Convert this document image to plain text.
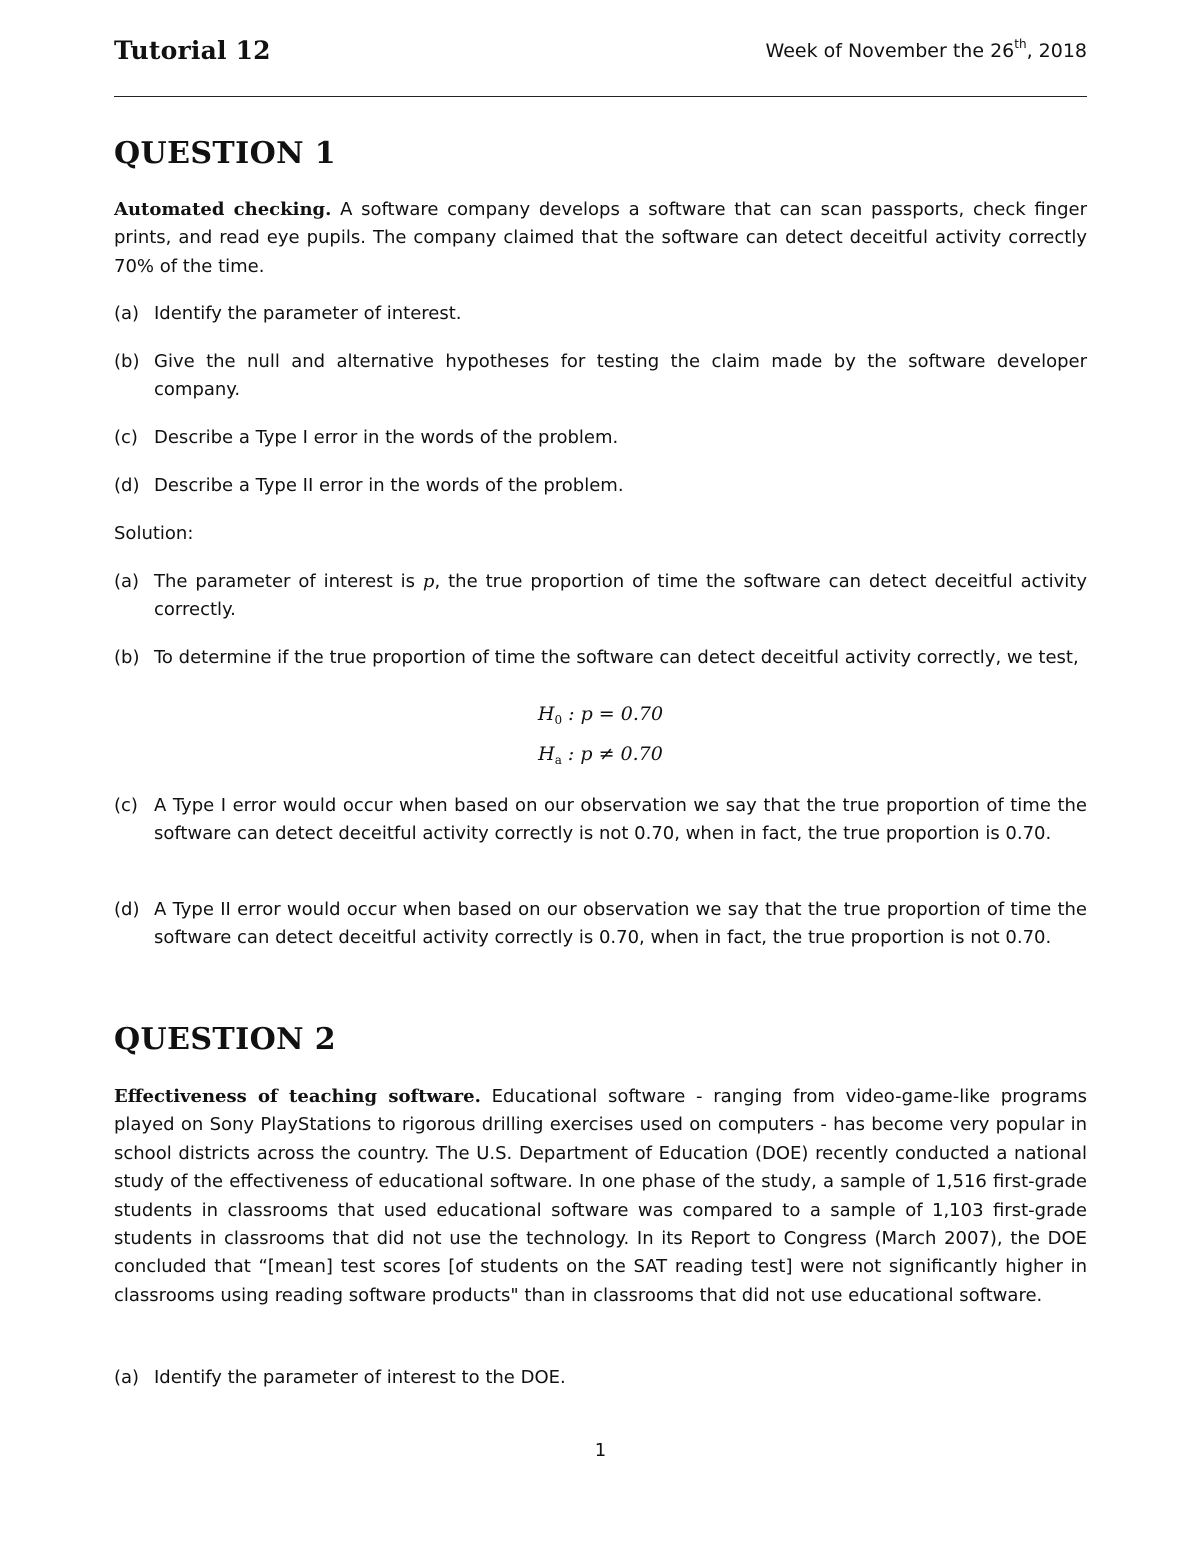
Tutorial 12	Week of November the 26th, 2018
QUESTION 1
Automated checking. A software company develops a software that can scan passports, check finger prints, and read eye pupils. The company claimed that the software can detect deceitful activity correctly 70% of the time.
(a) Identify the parameter of interest.
(b) Give the null and alternative hypotheses for testing the claim made by the software developer company.
(c) Describe a Type I error in the words of the problem.
(d) Describe a Type II error in the words of the problem.
Solution:
(a) The parameter of interest is p, the true proportion of time the software can detect deceitful activity correctly.
(b) To determine if the true proportion of time the software can detect deceitful activity correctly, we test,
$H_0$ : p = 0.70
$H_a$ : p ≠ 0.70
(c) A Type I error would occur when based on our observation we say that the true proportion of time the software can detect deceitful activity correctly is not 0.70, when in fact, the true proportion is 0.70.
(d) A Type II error would occur when based on our observation we say that the true proportion of time the software can detect deceitful activity correctly is 0.70, when in fact, the true proportion is not 0.70.
QUESTION 2
Effectiveness of teaching software. Educational software - ranging from video-game-like programs played on Sony PlayStations to rigorous drilling exercises used on computers - has become very popular in school districts across the country. The U.S. Department of Education (DOE) recently conducted a national study of the effectiveness of educational software. In one phase of the study, a sample of 1,516 first-grade students in classrooms that used educational software was compared to a sample of 1,103 first-grade students in classrooms that did not use the technology. In its Report to Congress (March 2007), the DOE concluded that “[mean] test scores [of students on the SAT reading test] were not significantly higher in classrooms using reading software products" than in classrooms that did not use educational software.
(a) Identify the parameter of interest to the DOE.
1
